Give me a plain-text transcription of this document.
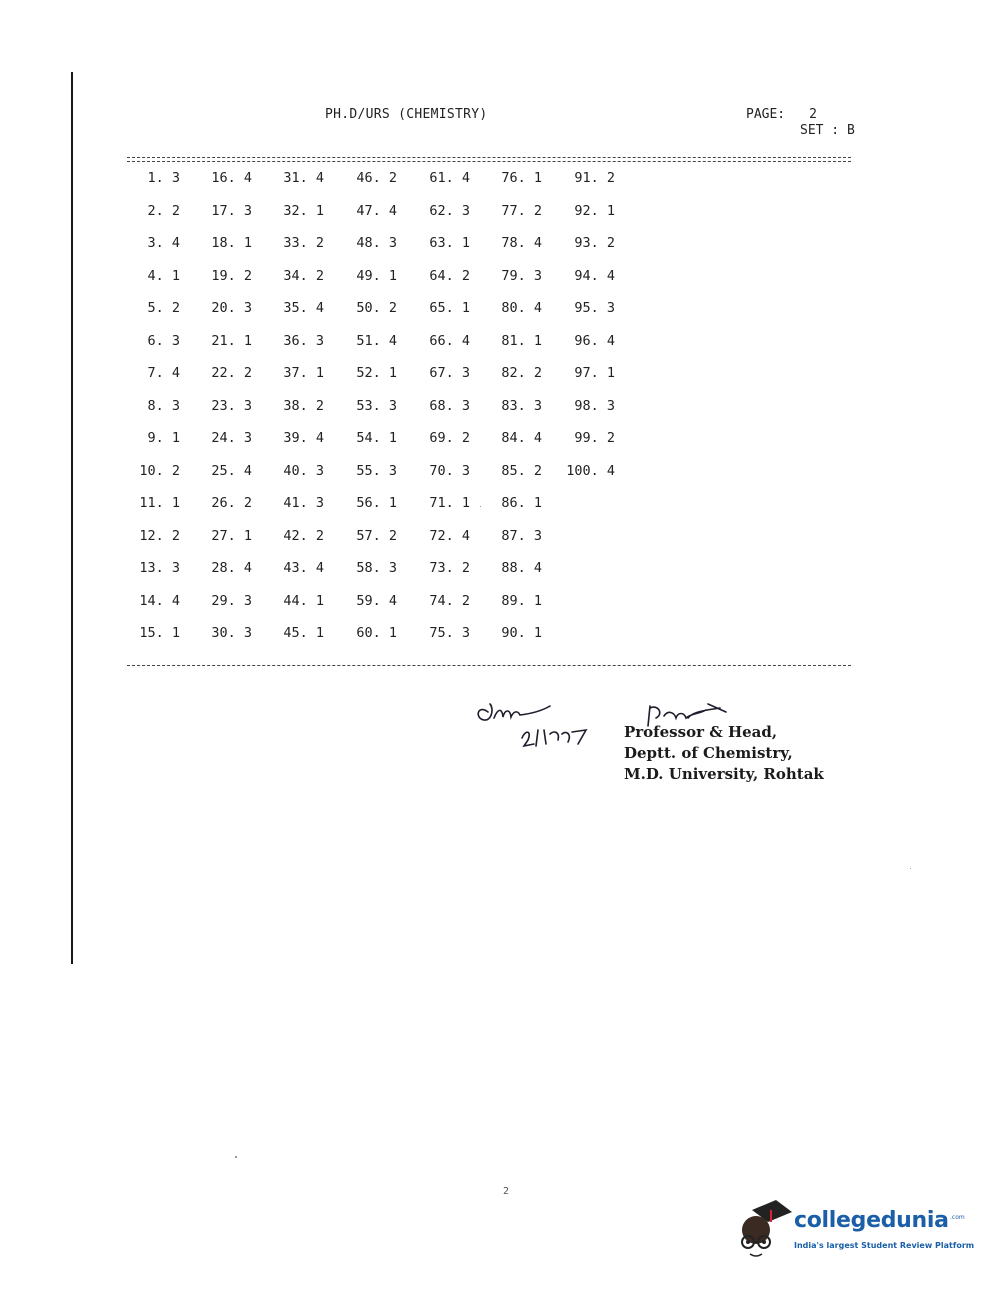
PH.D/URS (CHEMISTRY)	PAGE: 2
SET : B
1. 3	16. 4	31. 4	46. 2	61. 4	76. 1	91. 2
2. 2	17. 3	32. 1	47. 4	62. 3	77. 2	92. 1
3. 4	18. 1	33. 2	48. 3	63. 1	78. 4	93. 2
4. 1	19. 2	34. 2	49. 1	64. 2	79. 3	94. 4
5. 2	20. 3	35. 4	50. 2	65. 1	80. 4	95. 3
6. 3	21. 1	36. 3	51. 4	66. 4	81. 1	96. 4
7. 4	22. 2	37. 1	52. 1	67. 3	82. 2	97. 1
8. 3	23. 3	38. 2	53. 3	68. 3	83. 3	98. 3
9. 1	24. 3	39. 4	54. 1	69. 2	84. 4	99. 2
10. 2	25. 4	40. 3	55. 3	70. 3	85. 2	100. 4
11. 1	26. 2	41. 3	56. 1	71. 1	86. 1
12. 2	27. 1	42. 2	57. 2	72. 4	87. 3
13. 3	28. 4	43. 4	58. 3	73. 2	88. 4
14. 4	29. 3	44. 1	59. 4	74. 2	89. 1
15. 1	30. 3	45. 1	60. 1	75. 3	90. 1
Professor & Head,
Deptt. of Chemistry,
M.D. University, Rohtak
2
collegedunia .com
India's largest Student Review Platform
